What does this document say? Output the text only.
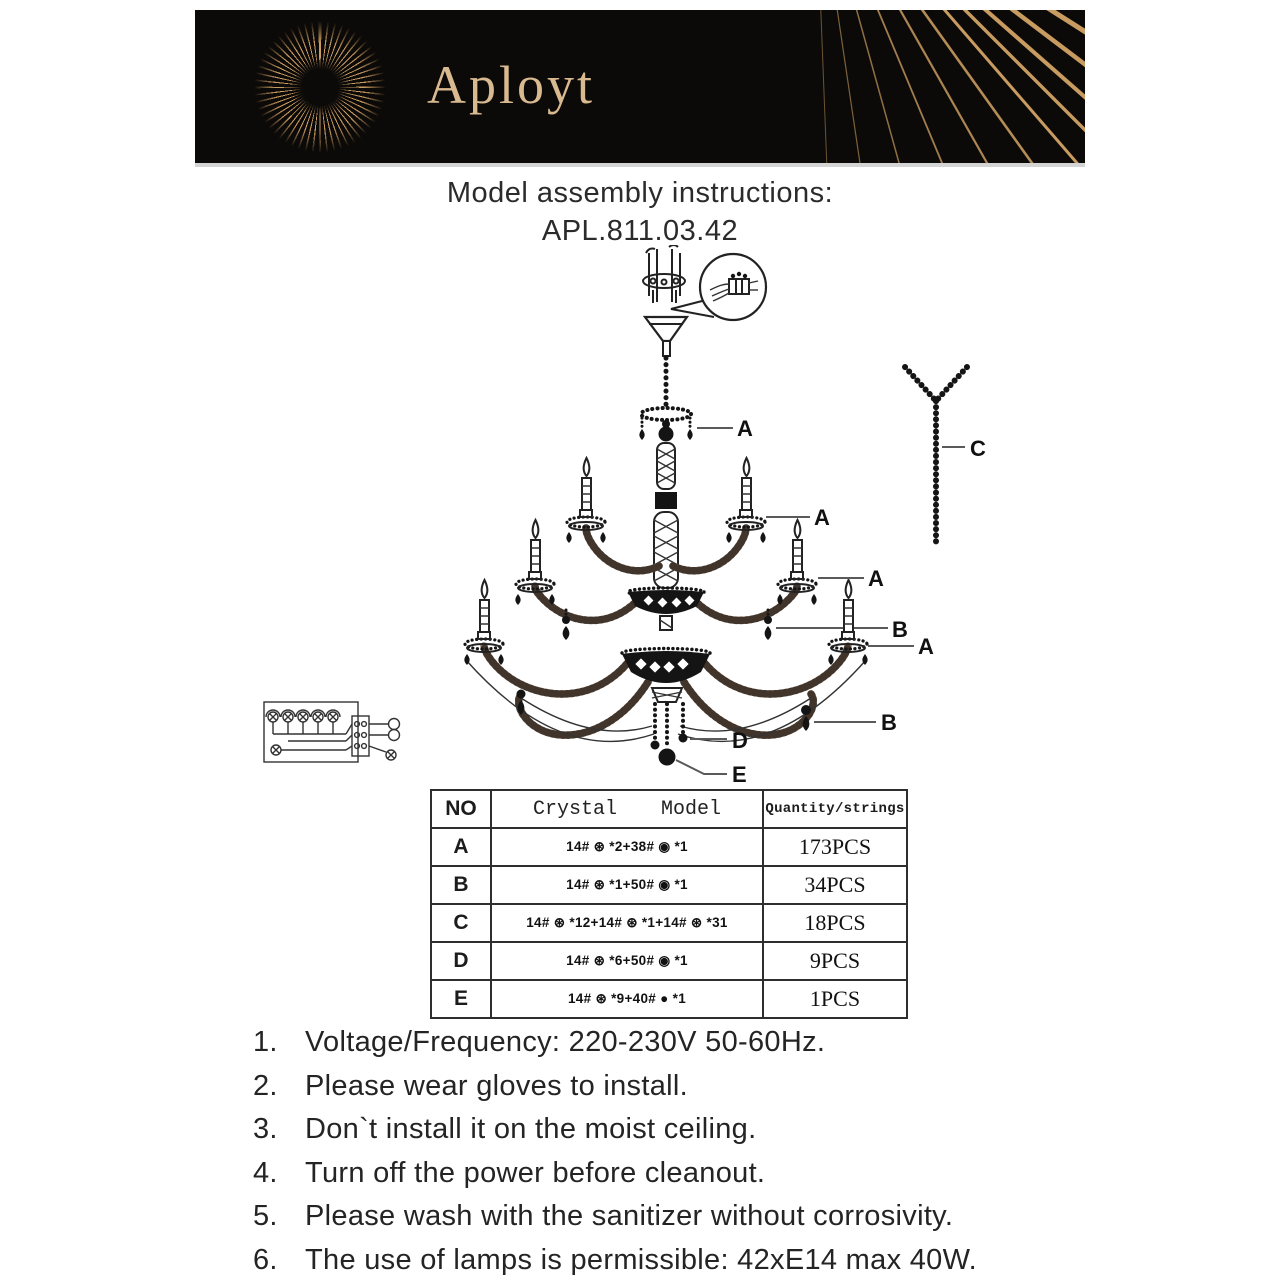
Aployt
Model assembly instructions:
APL.811.03.42
A
A
A
B
A
C
B
D
E
NO	Crystal Model	Quantity/strings
A	14# ⊛ *2+38# ◉ *1	173PCS
B	14# ⊛ *1+50# ◉ *1	34PCS
C	14# ⊛ *12+14# ⊛ *1+14# ⊛ *31	18PCS
D	14# ⊛ *6+50# ◉ *1	9PCS
E	14# ⊛ *9+40# ● *1	1PCS
1. Voltage/Frequency: 220-230V 50-60Hz.
2. Please wear gloves to install.
3. Don`t install it on the moist ceiling.
4. Turn off the power before cleanout.
5. Please wash with the sanitizer without corrosivity.
6. The use of lamps is permissible: 42xE14 max 40W.
